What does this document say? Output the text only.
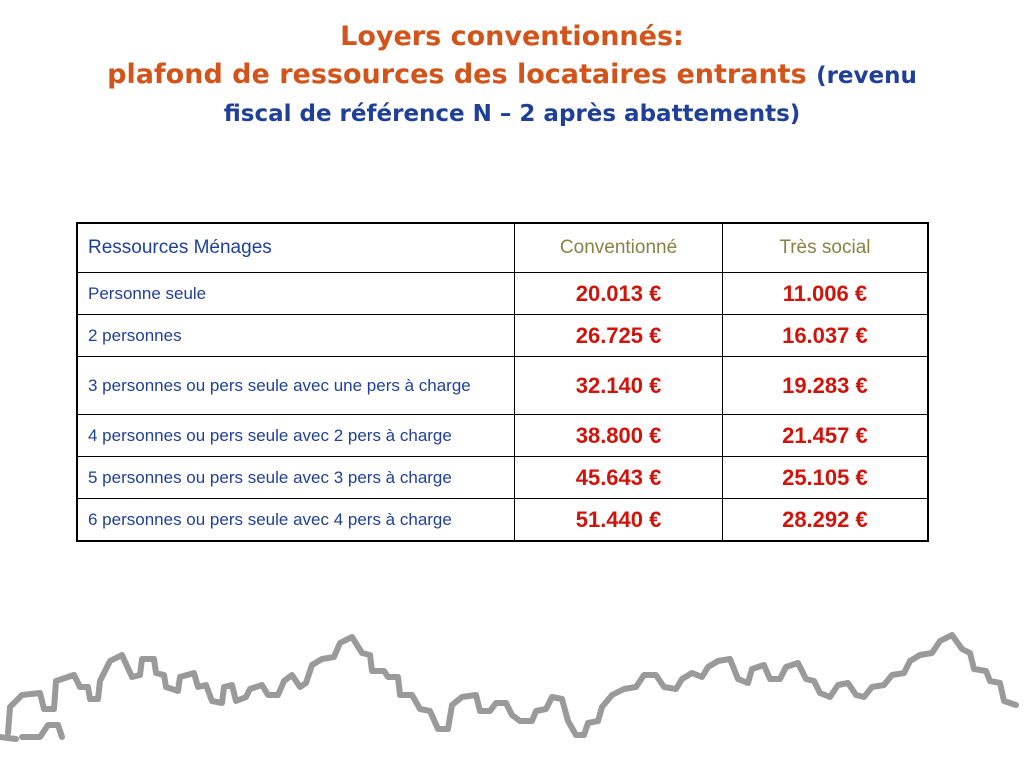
Loyers conventionnés:
plafond de ressources des locataires entrants (revenu
fiscal de référence N – 2 après abattements)
Ressources Ménages	Conventionné	Très social
Personne seule	20.013 €	11.006 €
2 personnes	26.725 €	16.037 €
3 personnes ou pers seule avec une pers à charge	32.140 €	19.283 €
4 personnes ou pers seule avec 2 pers à charge	38.800 €	21.457 €
5 personnes ou pers seule avec 3 pers à charge	45.643 €	25.105 €
6 personnes ou pers seule avec 4 pers à charge	51.440 €	28.292 €
